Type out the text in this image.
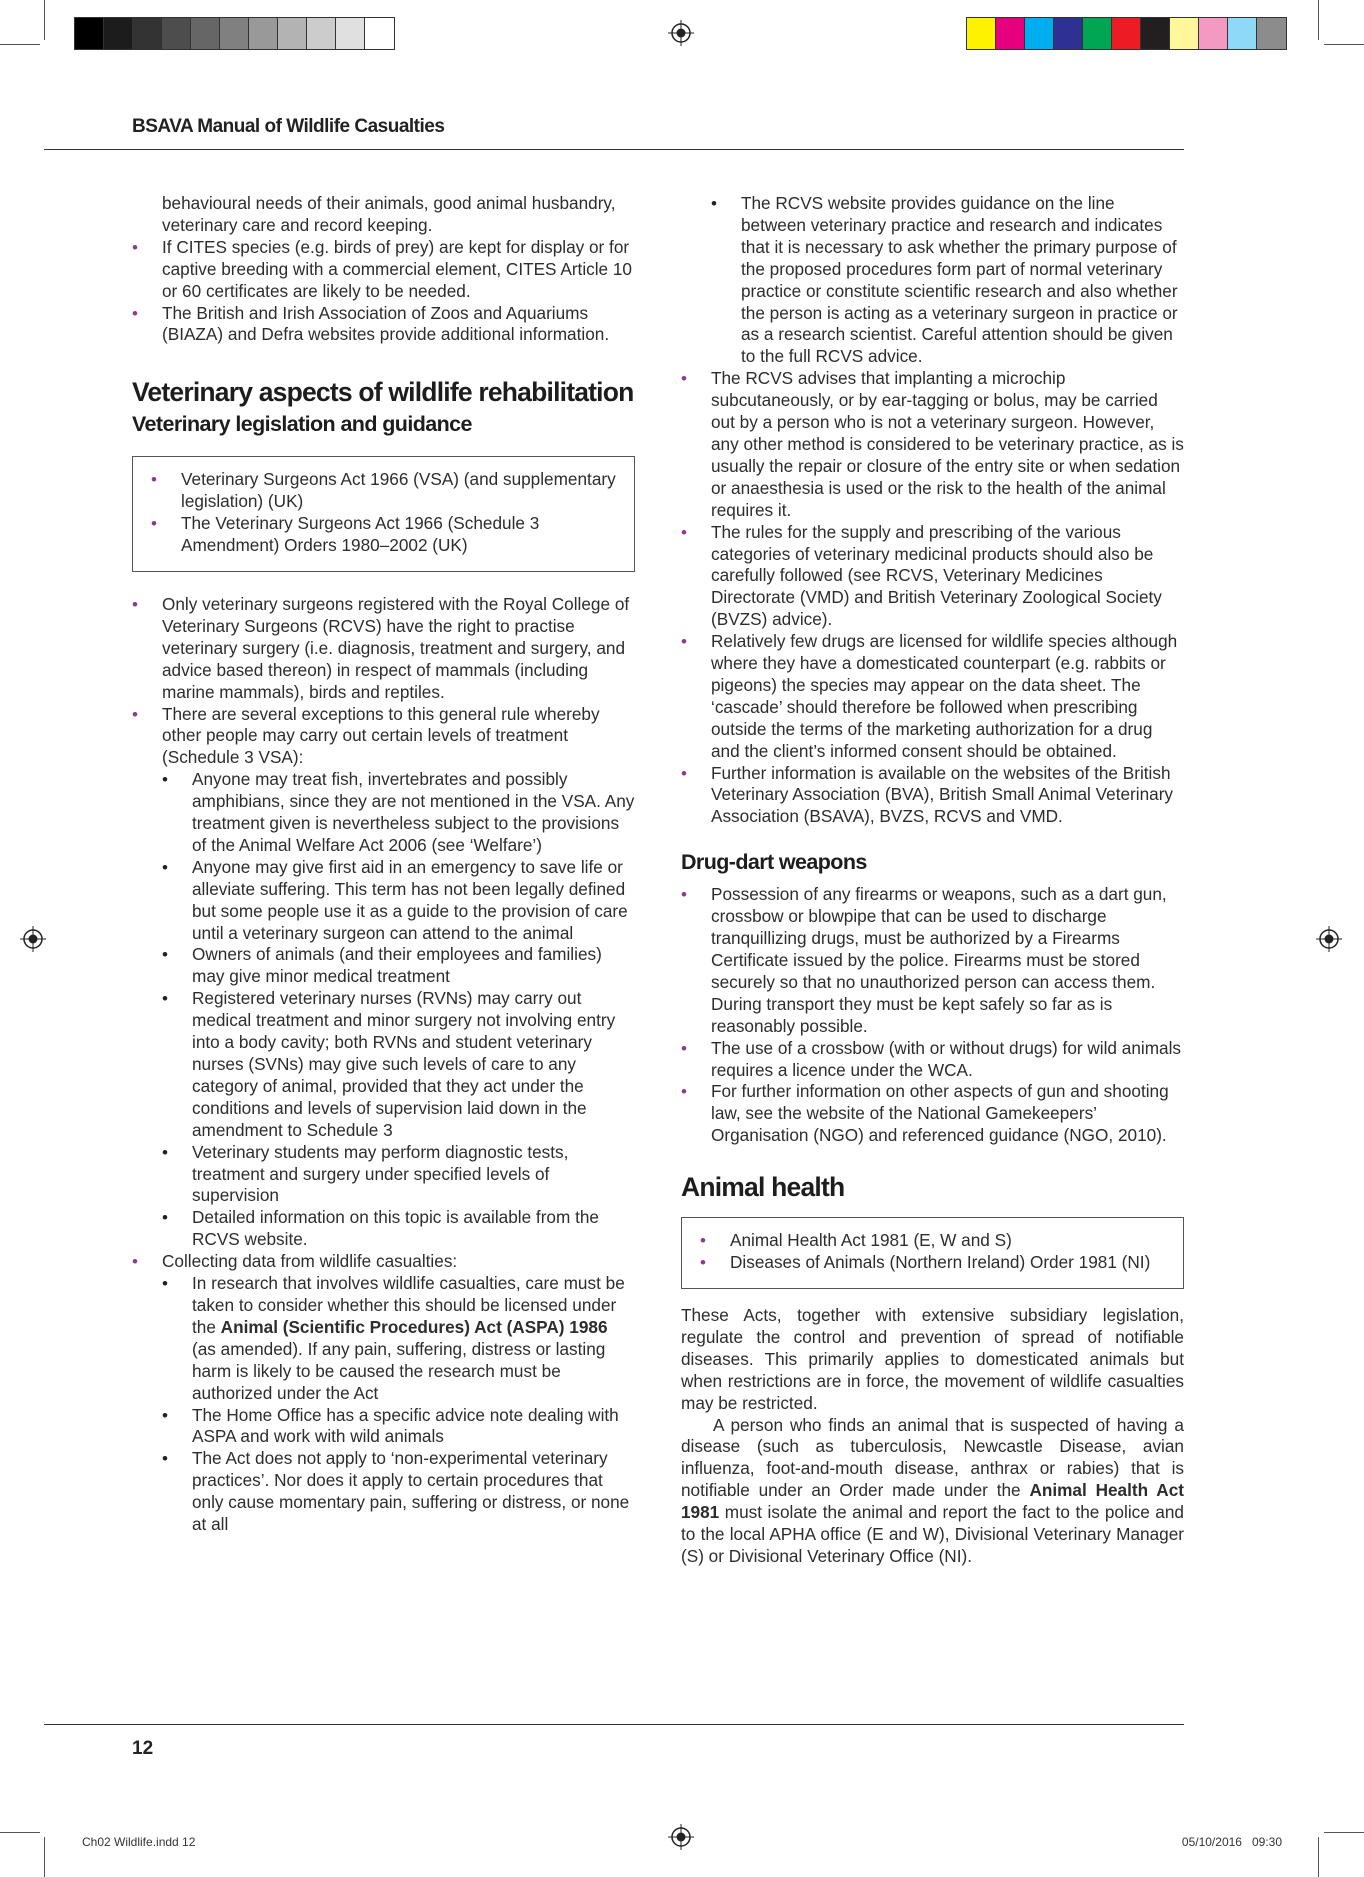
BSAVA Manual of Wildlife Casualties

behavioural needs of their animals, good animal husbandry, veterinary care and record keeping.

• If CITES species (e.g. birds of prey) are kept for display or for captive breeding with a commercial element, CITES Article 10 or 60 certificates are likely to be needed.
• The British and Irish Association of Zoos and Aquariums (BIAZA) and Defra websites provide additional information.
Veterinary aspects of wildlife rehabilitation
Veterinary legislation and guidance
• Veterinary Surgeons Act 1966 (VSA) (and supplementary legislation) (UK)
• The Veterinary Surgeons Act 1966 (Schedule 3 Amendment) Orders 1980–2002 (UK)
• Only veterinary surgeons registered with the Royal College of Veterinary Surgeons (RCVS) have the right to practise veterinary surgery (i.e. diagnosis, treatment and surgery, and advice based thereon) in respect of mammals (including marine mammals), birds and reptiles.
• There are several exceptions to this general rule whereby other people may carry out certain levels of treatment (Schedule 3 VSA):
• Anyone may treat fish, invertebrates and possibly amphibians, since they are not mentioned in the VSA. Any treatment given is nevertheless subject to the provisions of the Animal Welfare Act 2006 (see ‘Welfare’)
• Anyone may give first aid in an emergency to save life or alleviate suffering. This term has not been legally defined but some people use it as a guide to the provision of care until a veterinary surgeon can attend to the animal
• Owners of animals (and their employees and families) may give minor medical treatment
• Registered veterinary nurses (RVNs) may carry out medical treatment and minor surgery not involving entry into a body cavity; both RVNs and student veterinary nurses (SVNs) may give such levels of care to any category of animal, provided that they act under the conditions and levels of supervision laid down in the amendment to Schedule 3
• Veterinary students may perform diagnostic tests, treatment and surgery under specified levels of supervision
• Detailed information on this topic is available from the RCVS website.
• Collecting data from wildlife casualties:
• In research that involves wildlife casualties, care must be taken to consider whether this should be licensed under the Animal (Scientific Procedures) Act (ASPA) 1986 (as amended). If any pain, suffering, distress or lasting harm is likely to be caused the research must be authorized under the Act
• The Home Office has a specific advice note dealing with ASPA and work with wild animals
• The Act does not apply to ‘non-experimental veterinary practices’. Nor does it apply to certain procedures that only cause momentary pain, suffering or distress, or none at all
• The RCVS website provides guidance on the line between veterinary practice and research and indicates that it is necessary to ask whether the primary purpose of the proposed procedures form part of normal veterinary practice or constitute scientific research and also whether the person is acting as a veterinary surgeon in practice or as a research scientist. Careful attention should be given to the full RCVS advice.
• The RCVS advises that implanting a microchip subcutaneously, or by ear-tagging or bolus, may be carried out by a person who is not a veterinary surgeon. However, any other method is considered to be veterinary practice, as is usually the repair or closure of the entry site or when sedation or anaesthesia is used or the risk to the health of the animal requires it.
• The rules for the supply and prescribing of the various categories of veterinary medicinal products should also be carefully followed (see RCVS, Veterinary Medicines Directorate (VMD) and British Veterinary Zoological Society (BVZS) advice).
• Relatively few drugs are licensed for wildlife species although where they have a domesticated counterpart (e.g. rabbits or pigeons) the species may appear on the data sheet. The ‘cascade’ should therefore be followed when prescribing outside the terms of the marketing authorization for a drug and the client’s informed consent should be obtained.
• Further information is available on the websites of the British Veterinary Association (BVA), British Small Animal Veterinary Association (BSAVA), BVZS, RCVS and VMD.
Drug-dart weapons
• Possession of any firearms or weapons, such as a dart gun, crossbow or blowpipe that can be used to discharge tranquillizing drugs, must be authorized by a Firearms Certificate issued by the police. Firearms must be stored securely so that no unauthorized person can access them. During transport they must be kept safely so far as is reasonably possible.
• The use of a crossbow (with or without drugs) for wild animals requires a licence under the WCA.
• For further information on other aspects of gun and shooting law, see the website of the National Gamekeepers’ Organisation (NGO) and referenced guidance (NGO, 2010).
Animal health
• Animal Health Act 1981 (E, W and S)
• Diseases of Animals (Northern Ireland) Order 1981 (NI)

These Acts, together with extensive subsidiary legislation, regulate the control and prevention of spread of notifiable diseases. This primarily applies to domesticated animals but when restrictions are in force, the movement of wildlife casualties may be restricted.

A person who finds an animal that is suspected of having a disease (such as tuberculosis, Newcastle Disease, avian influenza, foot-and-mouth disease, anthrax or rabies) that is notifiable under an Order made under the Animal Health Act 1981 must isolate the animal and report the fact to the police and to the local APHA office (E and W), Divisional Veterinary Manager (S) or Divisional Veterinary Office (NI).

12
Ch02 Wildlife.indd 12	05/10/2016   09:30
